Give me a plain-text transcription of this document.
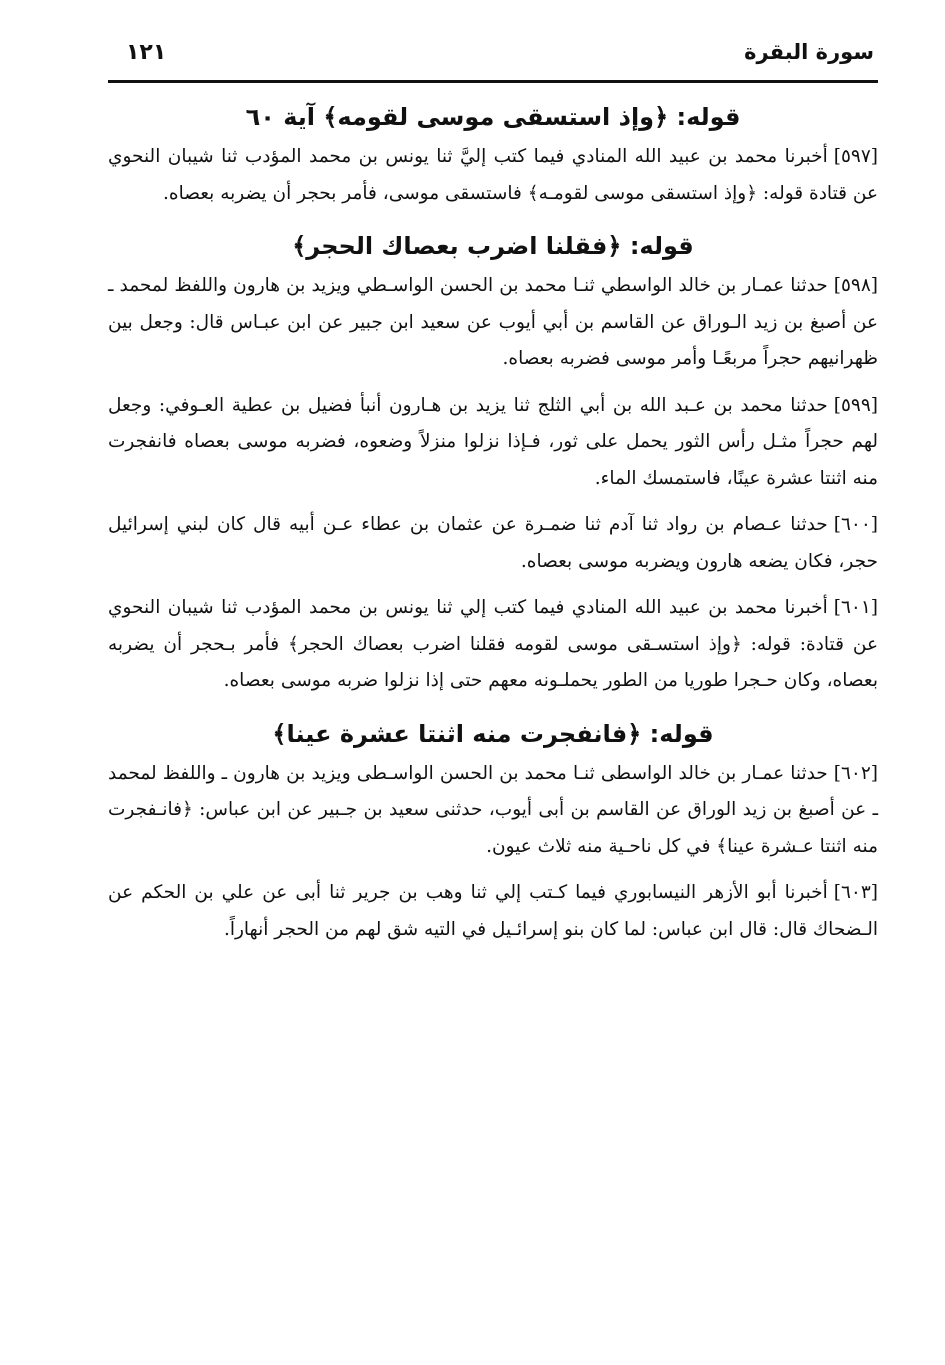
سورة البقرة
١٢١
قوله: ﴿وإذ استسقى موسى لقومه﴾ آية ٦٠

[٥٩٧]أخبرنا محمد بن عبيد الله المنادي فيما كتب إليَّ ثنا يونس بن محمد المؤدب ثنا شيبان النحوي عن قتادة قوله: ﴿وإذ استسقى موسى لقومـه﴾ فاستسقى موسى، فأمر بحجر أن يضربه بعصاه.

قوله: ﴿فقلنا اضرب بعصاك الحجر﴾

[٥٩٨]حدثنا عمـار بن خالد الواسطي ثنـا محمد بن الحسن الواسـطي ويزيد بن هارون واللفظ لمحمد ـ عن أصبغ بن زيد الـوراق عن القاسم بن أبي أيوب عن سعيد ابن جبير عن ابن عبـاس قال: وجعل بين ظهرانيهم حجراً مربعًـا وأمر موسى فضربه بعصاه.

[٥٩٩]حدثنا محمد بن عـبد الله بن أبي الثلج ثنا يزيد بن هـارون أنبأ فضيل بن عطية العـوفي: وجعل لهم حجراً مثـل رأس الثور يحمل على ثور، فـإذا نزلوا منزلاً وضعوه، فضربه موسى بعصاه فانفجرت منه اثنتا عشرة عينًا، فاستمسك الماء.

[٦٠٠]حدثنا عـصام بن رواد ثنا آدم ثنا ضمـرة عن عثمان بن عطاء عـن أبيه قال كان لبني إسرائيل حجر، فكان يضعه هارون ويضربه موسى بعصاه.

[٦٠١]أخبرنا محمد بن عبيد الله المنادي فيما كتب إلي ثنا يونس بن محمد المؤدب ثنا شيبان النحوي عن قتادة: قوله: ﴿وإذ استسـقى موسى لقومه فقلنا اضرب بعصاك الحجر﴾ فأمر بـحجر أن يضربه بعصاه، وكان حـجرا طوريا من الطور يحملـونه معهم حتى إذا نزلوا ضربه موسى بعصاه.

قوله: ﴿فانفجرت منه اثنتا عشرة عينا﴾

[٦٠٢]حدثنا عمـار بن خالد الواسطى ثنـا محمد بن الحسن الواسـطى ويزيد بن هارون ـ واللفظ لمحمد ـ عن أصبغ بن زيد الوراق عن القاسم بن أبى أيوب، حدثنى سعيد بن جـبير عن ابن عباس: ﴿فانـفجرت منه اثنتا عـشرة عينا﴾ في كل ناحـية منه ثلاث عيون.

[٦٠٣]أخبرنا أبو الأزهر النيسابوري فيما كـتب إلي ثنا وهب بن جرير ثنا أبى عن علي بن الحكم عن الـضحاك قال: قال ابن عباس: لما كان بنو إسرائـيل في التيه شق لهم من الحجر أنهاراً.
